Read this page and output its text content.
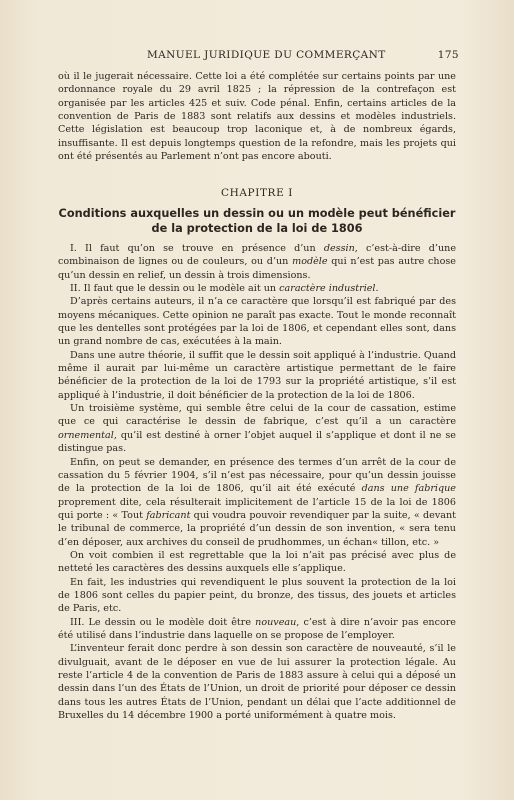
MANUEL JURIDIQUE DU COMMERÇANT	175

où il le jugerait nécessaire. Cette loi a été complétée sur certains points par une ordonnance royale du 29 avril 1825 ; la répression de la contrefaçon est organisée par les articles 425 et suiv. Code pénal. Enfin, certains articles de la convention de Paris de 1883 sont relatifs aux dessins et modèles industriels. Cette législation est beaucoup trop laconique et, à de nombreux égards, insuffisante. Il est depuis longtemps question de la refondre, mais les projets qui ont été présentés au Parlement n’ont pas encore abouti.

CHAPITRE I
Conditions auxquelles un dessin ou un modèle peut bénéficier de la protection de la loi de 1806

I. Il faut qu’on se trouve en présence d’un dessin, c’est-à-dire d’une combinaison de lignes ou de couleurs, ou d’un modèle qui n’est pas autre chose qu’un dessin en relief, un dessin à trois dimensions.

II. Il faut que le dessin ou le modèle ait un caractère industriel.

D’après certains auteurs, il n’a ce caractère que lorsqu’il est fabriqué par des moyens mécaniques. Cette opinion ne paraît pas exacte. Tout le monde reconnaît que les dentelles sont protégées par la loi de 1806, et cependant elles sont, dans un grand nombre de cas, exécutées à la main.

Dans une autre théorie, il suffit que le dessin soit appliqué à l’industrie. Quand même il aurait par lui-même un caractère artistique permettant de le faire bénéficier de la protection de la loi de 1793 sur la propriété artistique, s’il est appliqué à l’industrie, il doit bénéficier de la protection de la loi de 1806.

Un troisième système, qui semble être celui de la cour de cassation, estime que ce qui caractérise le dessin de fabrique, c’est qu’il a un caractère ornemental, qu’il est destiné à orner l’objet auquel il s’applique et dont il ne se distingue pas.

Enfin, on peut se demander, en présence des termes d’un arrêt de la cour de cassation du 5 février 1904, s’il n’est pas nécessaire, pour qu’un dessin jouisse de la protection de la loi de 1806, qu’il ait été exécuté dans une fabrique proprement dite, cela résulterait implicitement de l’article 15 de la loi de 1806 qui porte : « Tout fabricant qui voudra pouvoir revendiquer par la suite, « devant le tribunal de commerce, la propriété d’un dessin de son invention, « sera tenu d’en déposer, aux archives du conseil de prudhommes, un échan« tillon, etc. »

On voit combien il est regrettable que la loi n’ait pas précisé avec plus de netteté les caractères des dessins auxquels elle s’applique.

En fait, les industries qui revendiquent le plus souvent la protection de la loi de 1806 sont celles du papier peint, du bronze, des tissus, des jouets et articles de Paris, etc.

III. Le dessin ou le modèle doit être nouveau, c’est à dire n’avoir pas encore été utilisé dans l’industrie dans laquelle on se propose de l’employer.

L’inventeur ferait donc perdre à son dessin son caractère de nouveauté, s’il le divulguait, avant de le déposer en vue de lui assurer la protection légale. Au reste l’article 4 de la convention de Paris de 1883 assure à celui qui a déposé un dessin dans l’un des États de l’Union, un droit de priorité pour déposer ce dessin dans tous les autres États de l’Union, pendant un délai que l’acte additionnel de Bruxelles du 14 décembre 1900 a porté uniformément à quatre mois.
